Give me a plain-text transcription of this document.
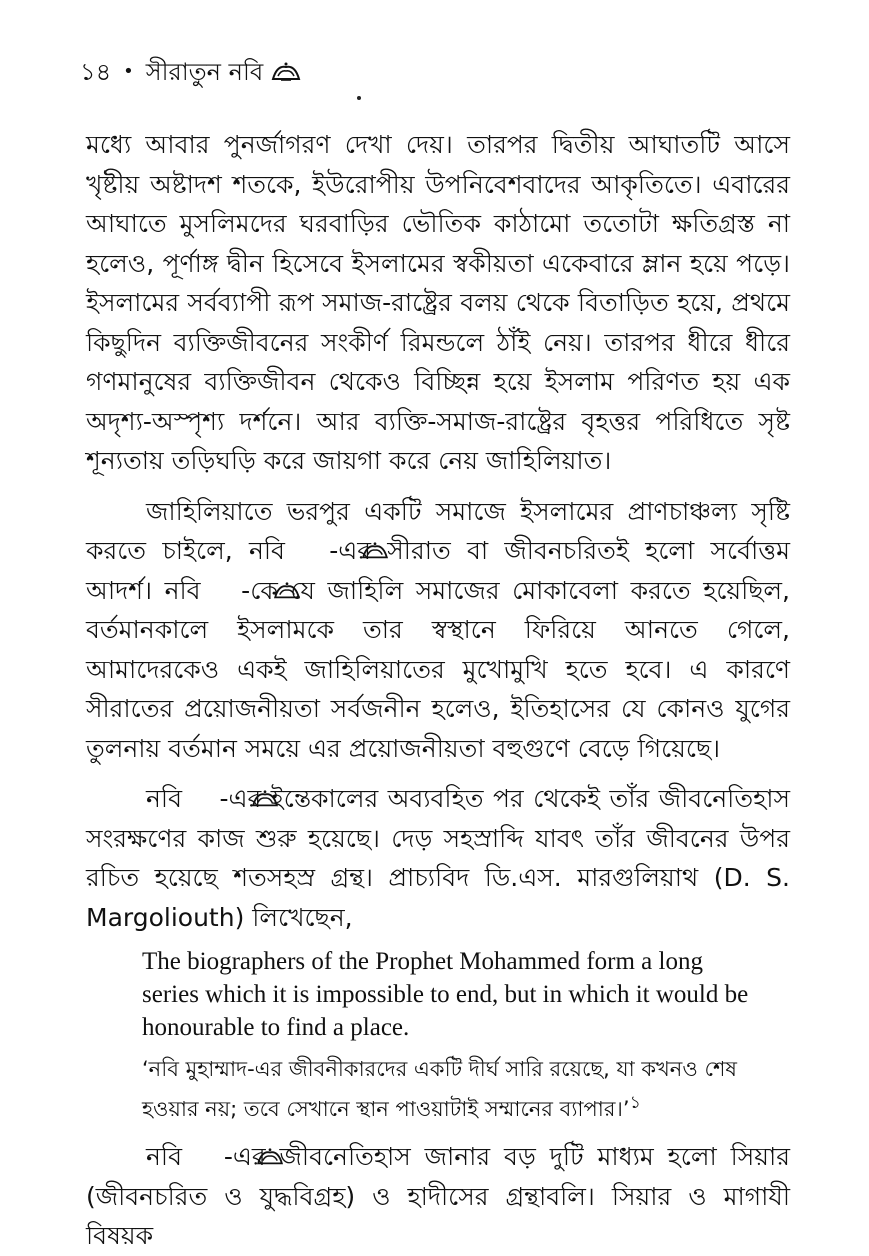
১৪ • সীরাতুন নবি

মধ্যে আবার পুনর্জাগরণ দেখা দেয়। তারপর দ্বিতীয় আঘাতটি আসে খৃষ্টীয় অষ্টাদশ শতকে, ইউরোপীয় উপনিবেশবাদের আকৃতিতে। এবারের আঘাতে মুসলিমদের ঘরবাড়ির ভৌতিক কাঠামো ততোটা ক্ষতিগ্রস্ত না হলেও, পূর্ণাঙ্গ দ্বীন হিসেবে ইসলামের স্বকীয়তা একেবারে ম্লান হয়ে পড়ে। ইসলামের সর্বব্যাপী রূপ সমাজ-রাষ্ট্রের বলয় থেকে বিতাড়িত হয়ে, প্রথমে কিছুদিন ব্যক্তিজীবনের সংকীর্ণ রিমন্ডলে ঠাঁই নেয়। তারপর ধীরে ধীরে গণমানুষের ব্যক্তিজীবন থেকেও বিচ্ছিন্ন হয়ে ইসলাম পরিণত হয় এক অদৃশ্য-অস্পৃশ্য দর্শনে। আর ব্যক্তি-সমাজ-রাষ্ট্রের বৃহত্তর পরিধিতে সৃষ্ট শূন্যতায় তড়িঘড়ি করে জায়গা করে নেয় জাহিলিয়াত।

জাহিলিয়াতে ভরপুর একটি সমাজে ইসলামের প্রাণচাঞ্চল্য সৃষ্টি করতে চাইলে, নবি -এর সীরাত বা জীবনচরিতই হলো সর্বোত্তম আদর্শ। নবি -কে যে জাহিলি সমাজের মোকাবেলা করতে হয়েছিল, বর্তমানকালে ইসলামকে তার স্বস্থানে ফিরিয়ে আনতে গেলে, আমাদেরকেও একই জাহিলিয়াতের মুখোমুখি হতে হবে। এ কারণে সীরাতের প্রয়োজনীয়তা সর্বজনীন হলেও, ইতিহাসের যে কোনও যুগের তুলনায় বর্তমান সময়ে এর প্রয়োজনীয়তা বহুগুণে বেড়ে গিয়েছে।

নবি -এর ইন্তেকালের অব্যবহিত পর থেকেই তাঁর জীবনেতিহাস সংরক্ষণের কাজ শুরু হয়েছে। দেড় সহস্রাব্দি যাবৎ তাঁর জীবনের উপর রচিত হয়েছে শতসহস্র গ্রন্থ। প্রাচ্যবিদ ডি.এস. মারগুলিয়াথ (D. S. Margoliouth) লিখেছেন,

The biographers of the Prophet Mohammed form a long series which it is impossible to end, but in which it would be honourable to find a place.

‘নবি মুহাম্মাদ-এর জীবনীকারদের একটি দীর্ঘ সারি রয়েছে, যা কখনও শেষ হওয়ার নয়; তবে সেখানে স্থান পাওয়াটাই সম্মানের ব্যাপার।’$^১$

নবি -এর জীবনেতিহাস জানার বড় দুটি মাধ্যম হলো সিয়ার (জীবনচরিত ও যুদ্ধবিগ্রহ) ও হাদীসের গ্রন্থাবলি। সিয়ার ও মাগাযী বিষয়ক
